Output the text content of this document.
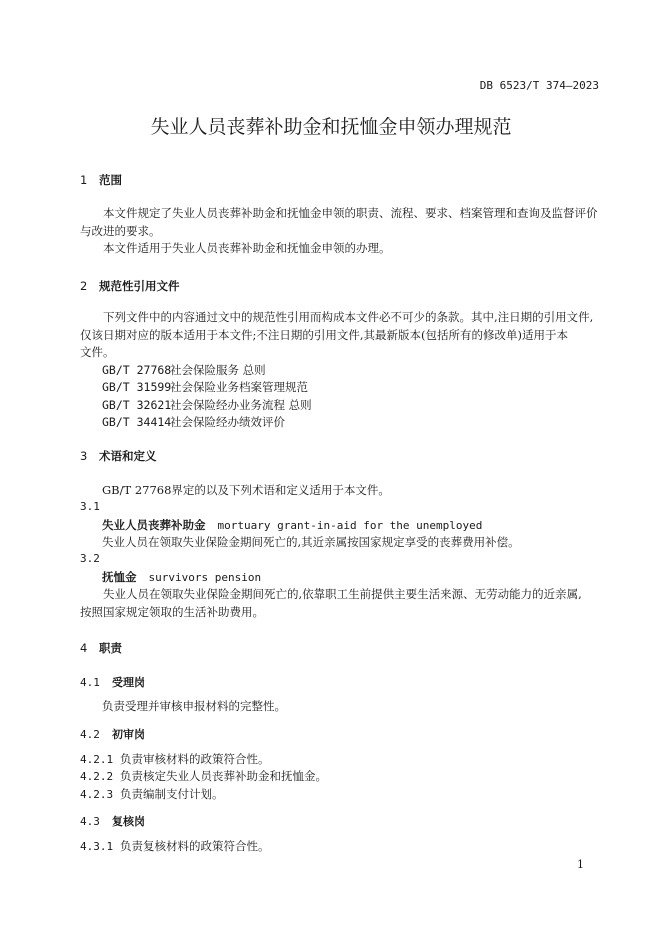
DB 6523/T 374—2023
失业人员丧葬补助金和抚恤金申领办理规范
1 范围

本文件规定了失业人员丧葬补助金和抚恤金申领的职责、流程、要求、档案管理和查询及监督评价

与改进的要求。

本文件适用于失业人员丧葬补助金和抚恤金申领的办理。

2 规范性引用文件

下列文件中的内容通过文中的规范性引用而构成本文件必不可少的条款。其中,注日期的引用文件,

仅该日期对应的版本适用于本文件;不注日期的引用文件,其最新版本(包括所有的修改单)适用于本

文件。

GB/T 27768社会保险服务 总则
GB/T 31599社会保险业务档案管理规范
GB/T 32621社会保险经办业务流程 总则
GB/T 34414社会保险经办绩效评价
3 术语和定义
GB/T 27768界定的以及下列术语和定义适用于本文件。
3.1
失业人员丧葬补助金 mortuary grant-in-aid for the unemployed
失业人员在领取失业保险金期间死亡的,其近亲属按国家规定享受的丧葬费用补偿。
3.2
抚恤金 survivors pension

失业人员在领取失业保险金期间死亡的,依靠职工生前提供主要生活来源、无劳动能力的近亲属,

按照国家规定领取的生活补助费用。

4 职责
4.1 受理岗
负责受理并审核申报材料的完整性。
4.2 初审岗
4.2.1 负责审核材料的政策符合性。
4.2.2 负责核定失业人员丧葬补助金和抚恤金。
4.2.3 负责编制支付计划。
4.3 复核岗
4.3.1 负责复核材料的政策符合性。
1
